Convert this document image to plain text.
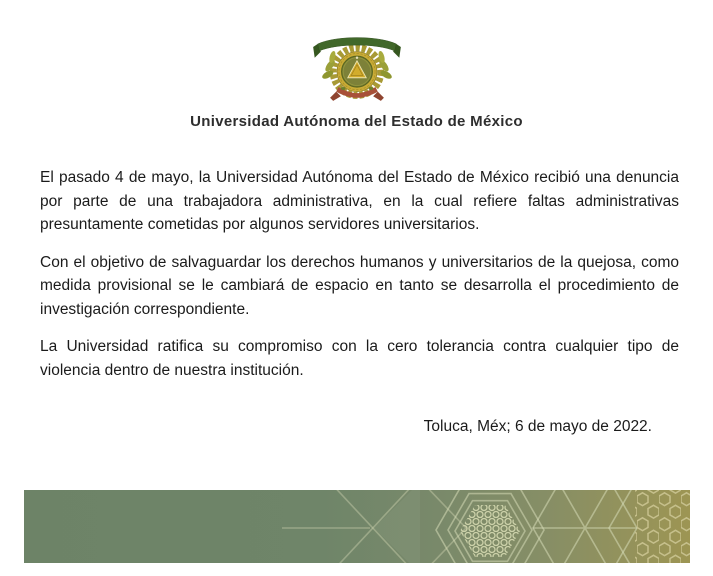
Universidad Autónoma del Estado de México

El pasado 4 de mayo, la Universidad Autónoma del Estado de México recibió una denuncia por parte de una trabajadora administrativa, en la cual refiere faltas administrativas presuntamente cometidas por algunos servidores universitarios.

Con el objetivo de salvaguardar los derechos humanos y universitarios de la quejosa, como medida provisional se le cambiará de espacio en tanto se desarrolla el procedimiento de investigación correspondiente.

La Universidad ratifica su compromiso con la cero tolerancia contra cualquier tipo de violencia dentro de nuestra institución.

Toluca, Méx; 6 de mayo de 2022.
